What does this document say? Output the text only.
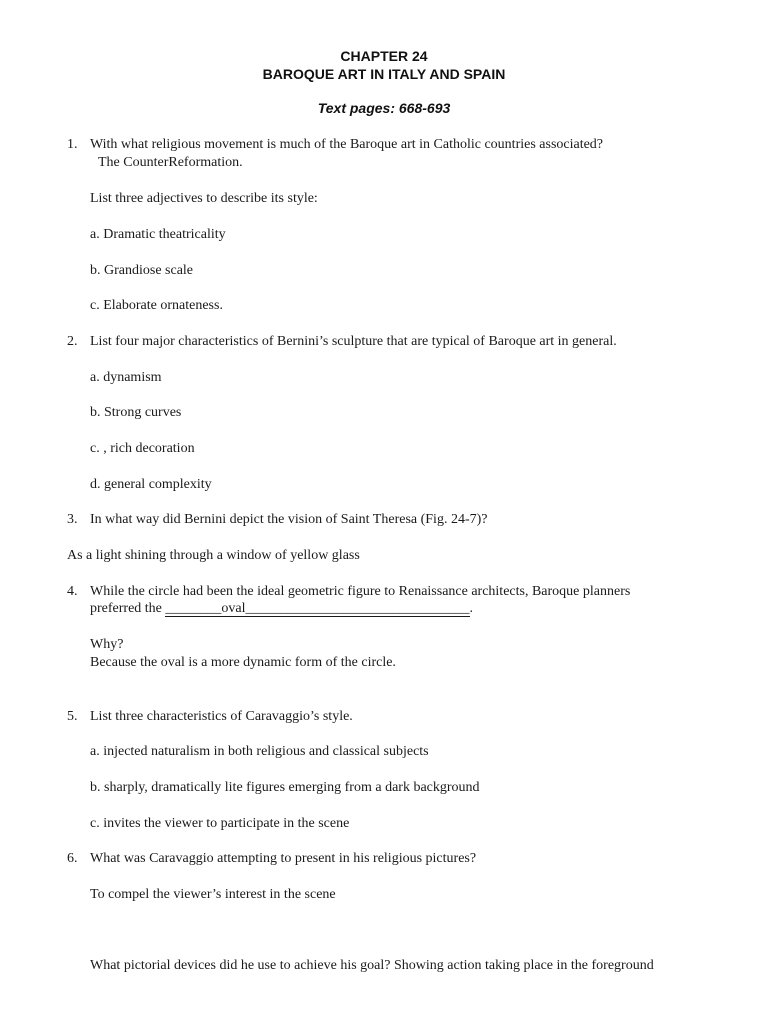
CHAPTER 24
BAROQUE ART IN ITALY AND SPAIN
Text pages: 668-693
1. With what religious movement is much of the Baroque art in Catholic countries associated?
The CounterReformation.
List three adjectives to describe its style:
a. Dramatic theatricality
b. Grandiose scale
c. Elaborate ornateness.
2. List four major characteristics of Bernini’s sculpture that are typical of Baroque art in general.
a. dynamism
b. Strong curves
c. , rich decoration
d. general complexity
3. In what way did Bernini depict the vision of Saint Theresa (Fig. 24-7)?
As a light shining through a window of yellow glass
4. While the circle had been the ideal geometric figure to Renaissance architects, Baroque planners
preferred the ________oval________________________________.
Why?
Because the oval is a more dynamic form of the circle.
5. List three characteristics of Caravaggio’s style.
a. injected naturalism in both religious and classical subjects
b. sharply, dramatically lite figures emerging from a dark background
c. invites the viewer to participate in the scene
6. What was Caravaggio attempting to present in his religious pictures?
To compel the viewer’s interest in the scene
What pictorial devices did he use to achieve his goal? Showing action taking place in the foreground
